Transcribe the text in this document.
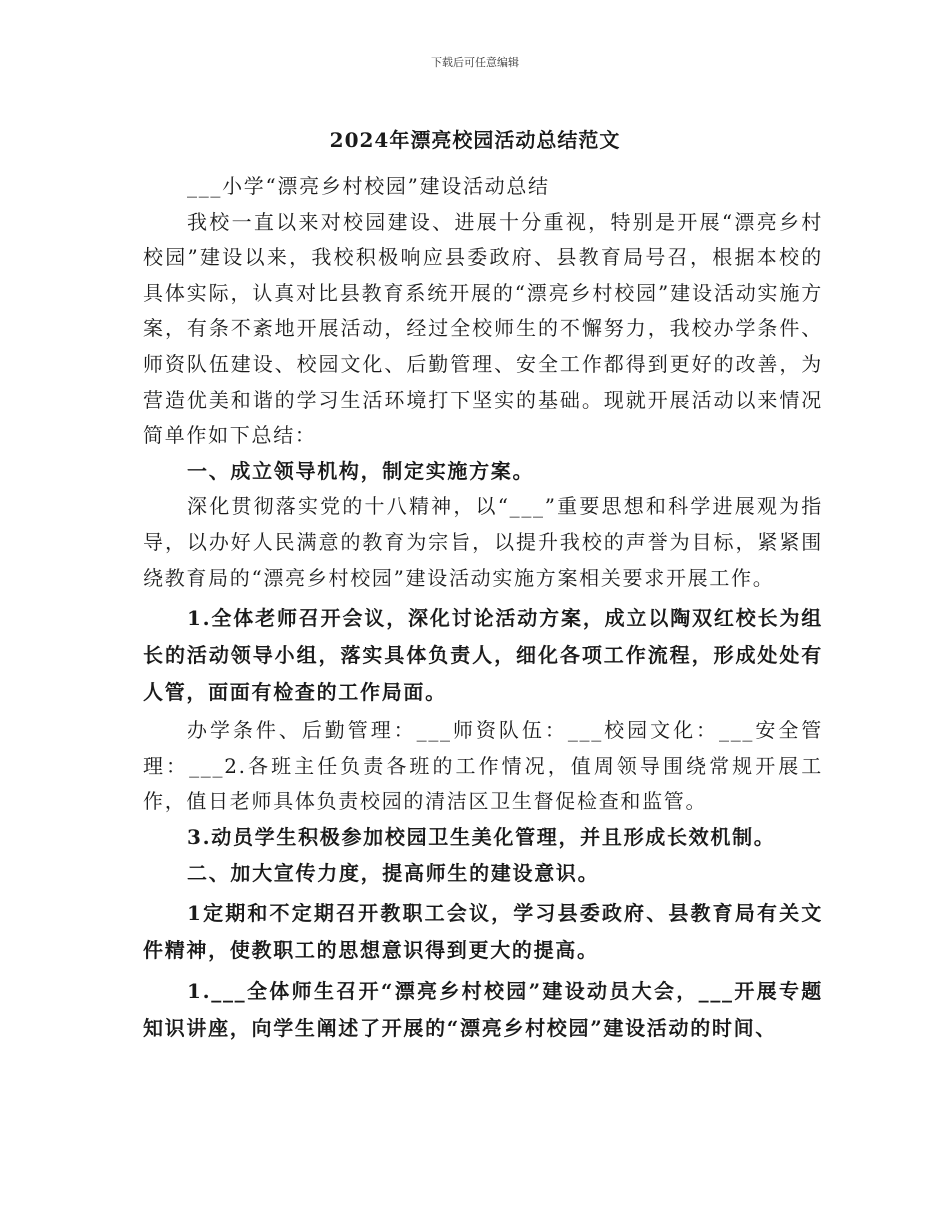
下载后可任意编辑
2024年漂亮校园活动总结范文

___小学“漂亮乡村校园”建设活动总结

我校一直以来对校园建设、进展十分重视，特别是开展“漂亮乡村校园”建设以来，我校积极响应县委政府、县教育局号召，根据本校的具体实际，认真对比县教育系统开展的“漂亮乡村校园”建设活动实施方案，有条不紊地开展活动，经过全校师生的不懈努力，我校办学条件、师资队伍建设、校园文化、后勤管理、安全工作都得到更好的改善，为营造优美和谐的学习生活环境打下坚实的基础。现就开展活动以来情况简单作如下总结：

一、成立领导机构，制定实施方案。

深化贯彻落实党的十八精神，以“___”重要思想和科学进展观为指导，以办好人民满意的教育为宗旨，以提升我校的声誉为目标，紧紧围绕教育局的“漂亮乡村校园”建设活动实施方案相关要求开展工作。

1.全体老师召开会议，深化讨论活动方案，成立以陶双红校长为组长的活动领导小组，落实具体负责人，细化各项工作流程，形成处处有人管，面面有检查的工作局面。

办学条件、后勤管理：___师资队伍：___校园文化：___安全管理：___2.各班主任负责各班的工作情况，值周领导围绕常规开展工作，值日老师具体负责校园的清洁区卫生督促检查和监管。

3.动员学生积极参加校园卫生美化管理，并且形成长效机制。

二、加大宣传力度，提高师生的建设意识。

1定期和不定期召开教职工会议，学习县委政府、县教育局有关文件精神，使教职工的思想意识得到更大的提高。

1.___全体师生召开“漂亮乡村校园”建设动员大会，___开展专题知识讲座，向学生阐述了开展的“漂亮乡村校园”建设活动的时间、
